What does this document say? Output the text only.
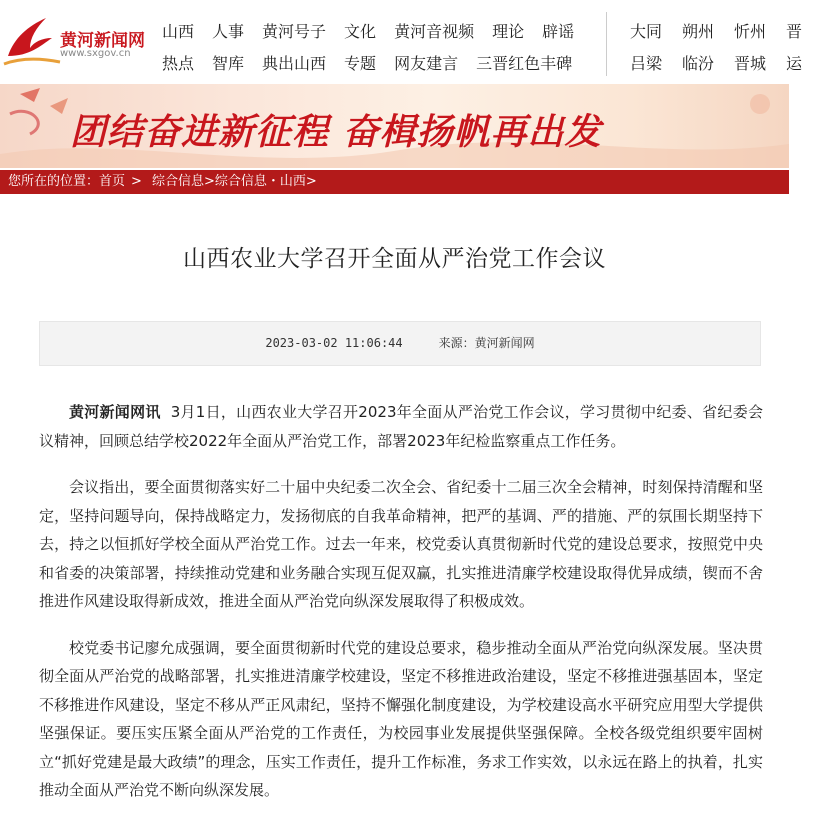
黄河新闻网
www.sxgov.cn
山西 人事 黄河号子 文化 黄河音视频 理论 辟谣
热点 智库 典出山西 专题 网友建言 三晋红色丰碑
大同 朔州 忻州 晋
吕梁 临汾 晋城 运
团结奋进新征程 奋楫扬帆再出发
您所在的位置：首页 > 综合信息>综合信息・山西>
山西农业大学召开全面从严治党工作会议
2023-03-02 11:06:44	来源：黄河新闻网

黄河新闻网讯 3月1日，山西农业大学召开2023年全面从严治党工作会议，学习贯彻中纪委、省纪委会议精神，回顾总结学校2022年全面从严治党工作，部署2023年纪检监察重点工作任务。

会议指出，要全面贯彻落实好二十届中央纪委二次全会、省纪委十二届三次全会精神，时刻保持清醒和坚定，坚持问题导向，保持战略定力，发扬彻底的自我革命精神，把严的基调、严的措施、严的氛围长期坚持下去，持之以恒抓好学校全面从严治党工作。过去一年来，校党委认真贯彻新时代党的建设总要求，按照党中央和省委的决策部署，持续推动党建和业务融合实现互促双赢，扎实推进清廉学校建设取得优异成绩，锲而不舍推进作风建设取得新成效，推进全面从严治党向纵深发展取得了积极成效。

校党委书记廖允成强调，要全面贯彻新时代党的建设总要求，稳步推动全面从严治党向纵深发展。坚决贯彻全面从严治党的战略部署，扎实推进清廉学校建设，坚定不移推进政治建设，坚定不移推进强基固本，坚定不移推进作风建设，坚定不移从严正风肃纪，坚持不懈强化制度建设，为学校建设高水平研究应用型大学提供坚强保证。要压实压紧全面从严治党的工作责任，为校园事业发展提供坚强保障。全校各级党组织要牢固树立“抓好党建是最大政绩”的理念，压实工作责任，提升工作标准，务求工作实效，以永远在路上的执着，扎实推动全面从严治党不断向纵深发展。
